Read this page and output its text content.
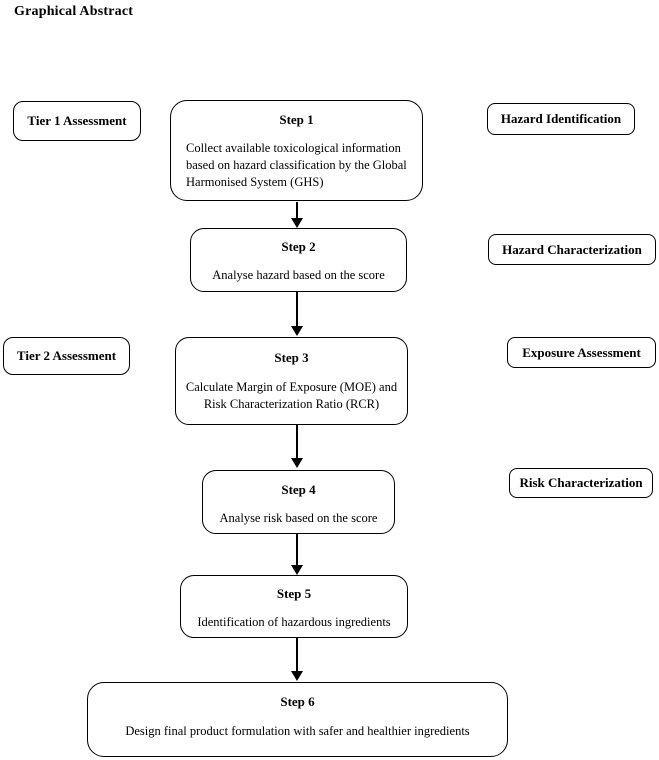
Graphical Abstract
Tier 1 Assessment
Tier 2 Assessment
Hazard Identification
Hazard Characterization
Exposure Assessment
Risk Characterization
Step 1
Collect available toxicological information based on hazard classification by the Global Harmonised System (GHS)
Step 2
Analyse hazard based on the score
Step 3
Calculate Margin of Exposure (MOE) and Risk Characterization Ratio (RCR)
Step 4
Analyse risk based on the score
Step 5
Identification of hazardous ingredients
Step 6
Design final product formulation with safer and healthier ingredients
